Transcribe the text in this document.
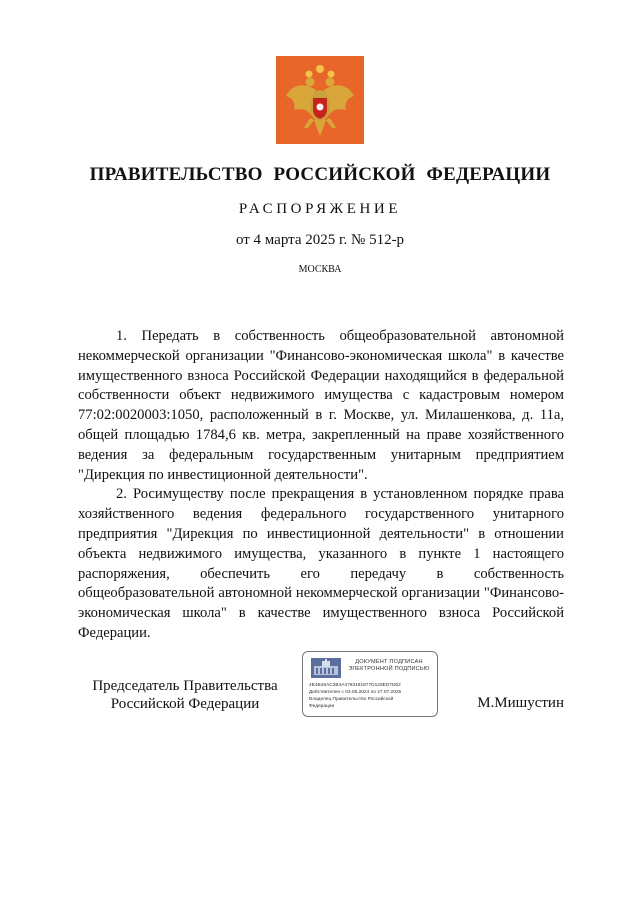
ПРАВИТЕЛЬСТВО РОССИЙСКОЙ ФЕДЕРАЦИИ
РАСПОРЯЖЕНИЕ
от 4 марта 2025 г. № 512-р
МОСКВА

1. Передать в собственность общеобразовательной автономной некоммерческой организации "Финансово-экономическая школа" в качестве имущественного взноса Российской Федерации находящийся в федеральной собственности объект недвижимого имущества с кадастровым номером 77:02:0020003:1050, расположенный в г. Москве, ул. Милашенкова, д. 11а, общей площадью 1784,6 кв. метра, закрепленный на праве хозяйственного ведения за федеральным государственным унитарным предприятием "Дирекция по инвестиционной деятельности".

2. Росимуществу после прекращения в установленном порядке права хозяйственного ведения федерального государственного унитарного предприятия "Дирекция по инвестиционной деятельности" в отношении объекта недвижимого имущества, указанного в пункте 1 настоящего распоряжения, обеспечить его передачу в собственность общеобразовательной автономной некоммерческой организации "Финансово-экономическая школа" в качестве имущественного взноса Российской Федерации.

Председатель Правительства
Российской Федерации
ДОКУМЕНТ ПОДПИСАН
ЭЛЕКТРОННОЙ ПОДПИСЬЮ
4E4B48AC2B4A4793191877D128ED7D62
Действителен с 03.05.2024 по 27.07.2025
Владелец Правительство Российской
Федерации	М.Мишустин
